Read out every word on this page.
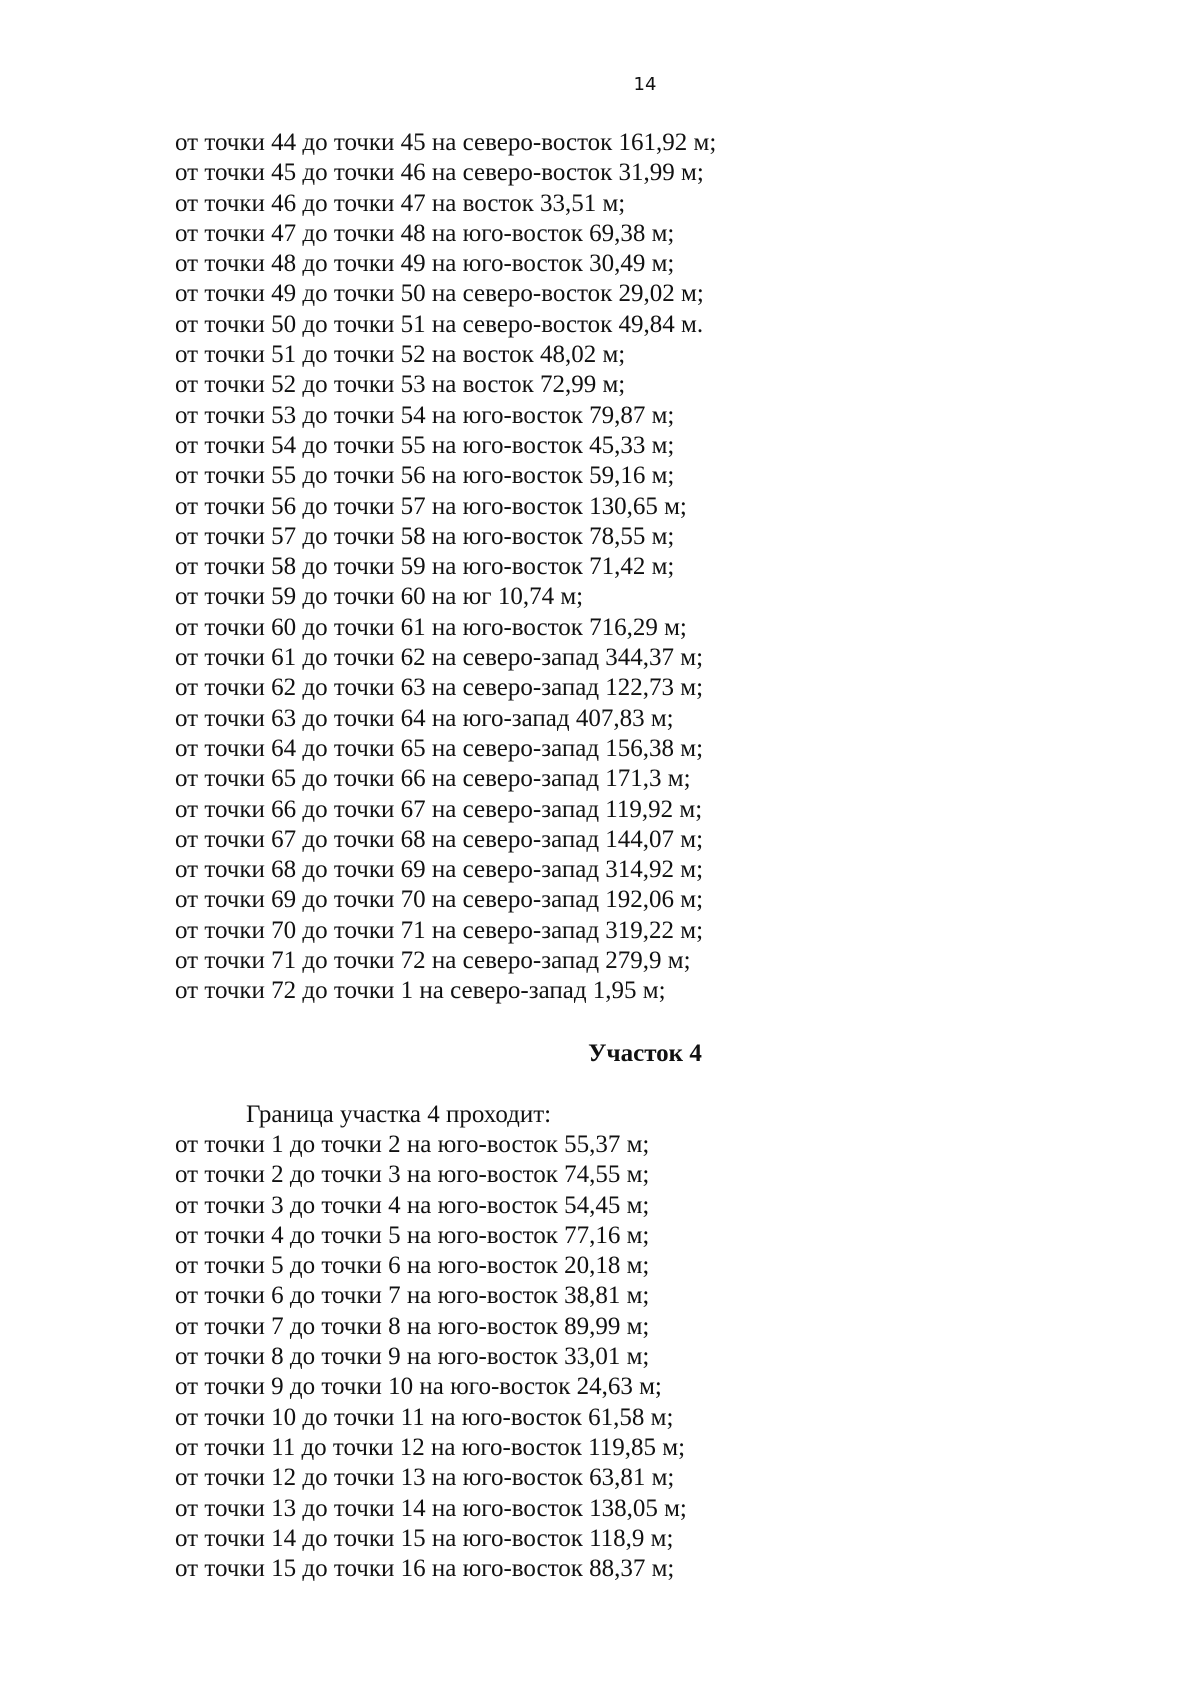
14
от точки 44 до точки 45 на северо-восток 161,92 м;
от точки 45 до точки 46 на северо-восток 31,99 м;
от точки 46 до точки 47 на восток 33,51 м;
от точки 47 до точки 48 на юго-восток 69,38 м;
от точки 48 до точки 49 на юго-восток 30,49 м;
от точки 49 до точки 50 на северо-восток 29,02 м;
от точки 50 до точки 51 на северо-восток 49,84 м.
от точки 51 до точки 52 на восток 48,02 м;
от точки 52 до точки 53 на восток 72,99 м;
от точки 53 до точки 54 на юго-восток 79,87 м;
от точки 54 до точки 55 на юго-восток 45,33 м;
от точки 55 до точки 56 на юго-восток 59,16 м;
от точки 56 до точки 57 на юго-восток 130,65 м;
от точки 57 до точки 58 на юго-восток 78,55 м;
от точки 58 до точки 59 на юго-восток 71,42 м;
от точки 59 до точки 60 на юг 10,74 м;
от точки 60 до точки 61 на юго-восток 716,29 м;
от точки 61 до точки 62 на северо-запад 344,37 м;
от точки 62 до точки 63 на северо-запад 122,73 м;
от точки 63 до точки 64 на юго-запад 407,83 м;
от точки 64 до точки 65 на северо-запад 156,38 м;
от точки 65 до точки 66 на северо-запад 171,3 м;
от точки 66 до точки 67 на северо-запад 119,92 м;
от точки 67 до точки 68 на северо-запад 144,07 м;
от точки 68 до точки 69 на северо-запад 314,92 м;
от точки 69 до точки 70 на северо-запад 192,06 м;
от точки 70 до точки 71 на северо-запад 319,22 м;
от точки 71 до точки 72 на северо-запад 279,9 м;
от точки 72 до точки 1 на северо-запад 1,95 м;
Участок 4
Граница участка 4 проходит:
от точки 1 до точки 2 на юго-восток 55,37 м;
от точки 2 до точки 3 на юго-восток 74,55 м;
от точки 3 до точки 4 на юго-восток 54,45 м;
от точки 4 до точки 5 на юго-восток 77,16 м;
от точки 5 до точки 6 на юго-восток 20,18 м;
от точки 6 до точки 7 на юго-восток 38,81 м;
от точки 7 до точки 8 на юго-восток 89,99 м;
от точки 8 до точки 9 на юго-восток 33,01 м;
от точки 9 до точки 10 на юго-восток 24,63 м;
от точки 10 до точки 11 на юго-восток 61,58 м;
от точки 11 до точки 12 на юго-восток 119,85 м;
от точки 12 до точки 13 на юго-восток 63,81 м;
от точки 13 до точки 14 на юго-восток 138,05 м;
от точки 14 до точки 15 на юго-восток 118,9 м;
от точки 15 до точки 16 на юго-восток 88,37 м;
